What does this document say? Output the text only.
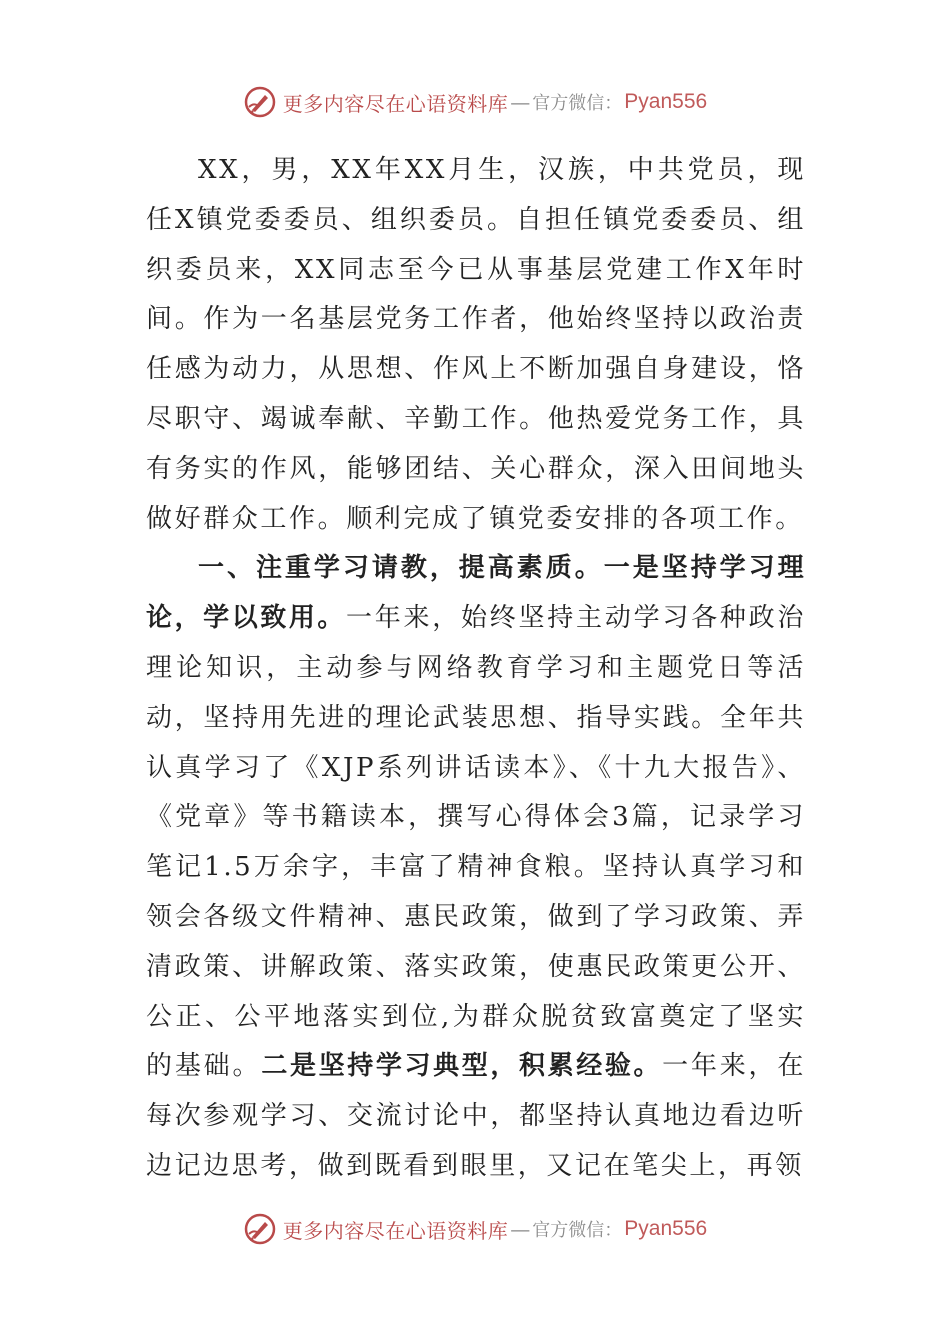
更多内容尽在心语资料库 — 官方微信： Pyan556

XX，男，XX年XX月生，汉族，中共党员，现任X镇党委委员、组织委员。自担任镇党委委员、组织委员来，XX同志至今已从事基层党建工作X年时间。作为一名基层党务工作者，他始终坚持以政治责任感为动力，从思想、作风上不断加强自身建设，恪尽职守、竭诚奉献、辛勤工作。他热爱党务工作，具有务实的作风，能够团结、关心群众，深入田间地头做好群众工作。顺利完成了镇党委安排的各项工作。

一、注重学习请教，提高素质。一是坚持学习理论，学以致用。一年来，始终坚持主动学习各种政治理论知识，主动参与网络教育学习和主题党日等活动，坚持用先进的理论武装思想、指导实践。全年共认真学习了《XJP系列讲话读本》、《十九大报告》、《党章》等书籍读本，撰写心得体会3篇，记录学习笔记1.5万余字，丰富了精神食粮。坚持认真学习和领会各级文件精神、惠民政策，做到了学习政策、弄清政策、讲解政策、落实政策，使惠民政策更公开、公正、公平地落实到位,为群众脱贫致富奠定了坚实的基础。二是坚持学习典型，积累经验。一年来，在每次参观学习、交流讨论中，都坚持认真地边看边听边记边思考，做到既看到眼里，又记在笔尖上，再领

更多内容尽在心语资料库 — 官方微信： Pyan556
